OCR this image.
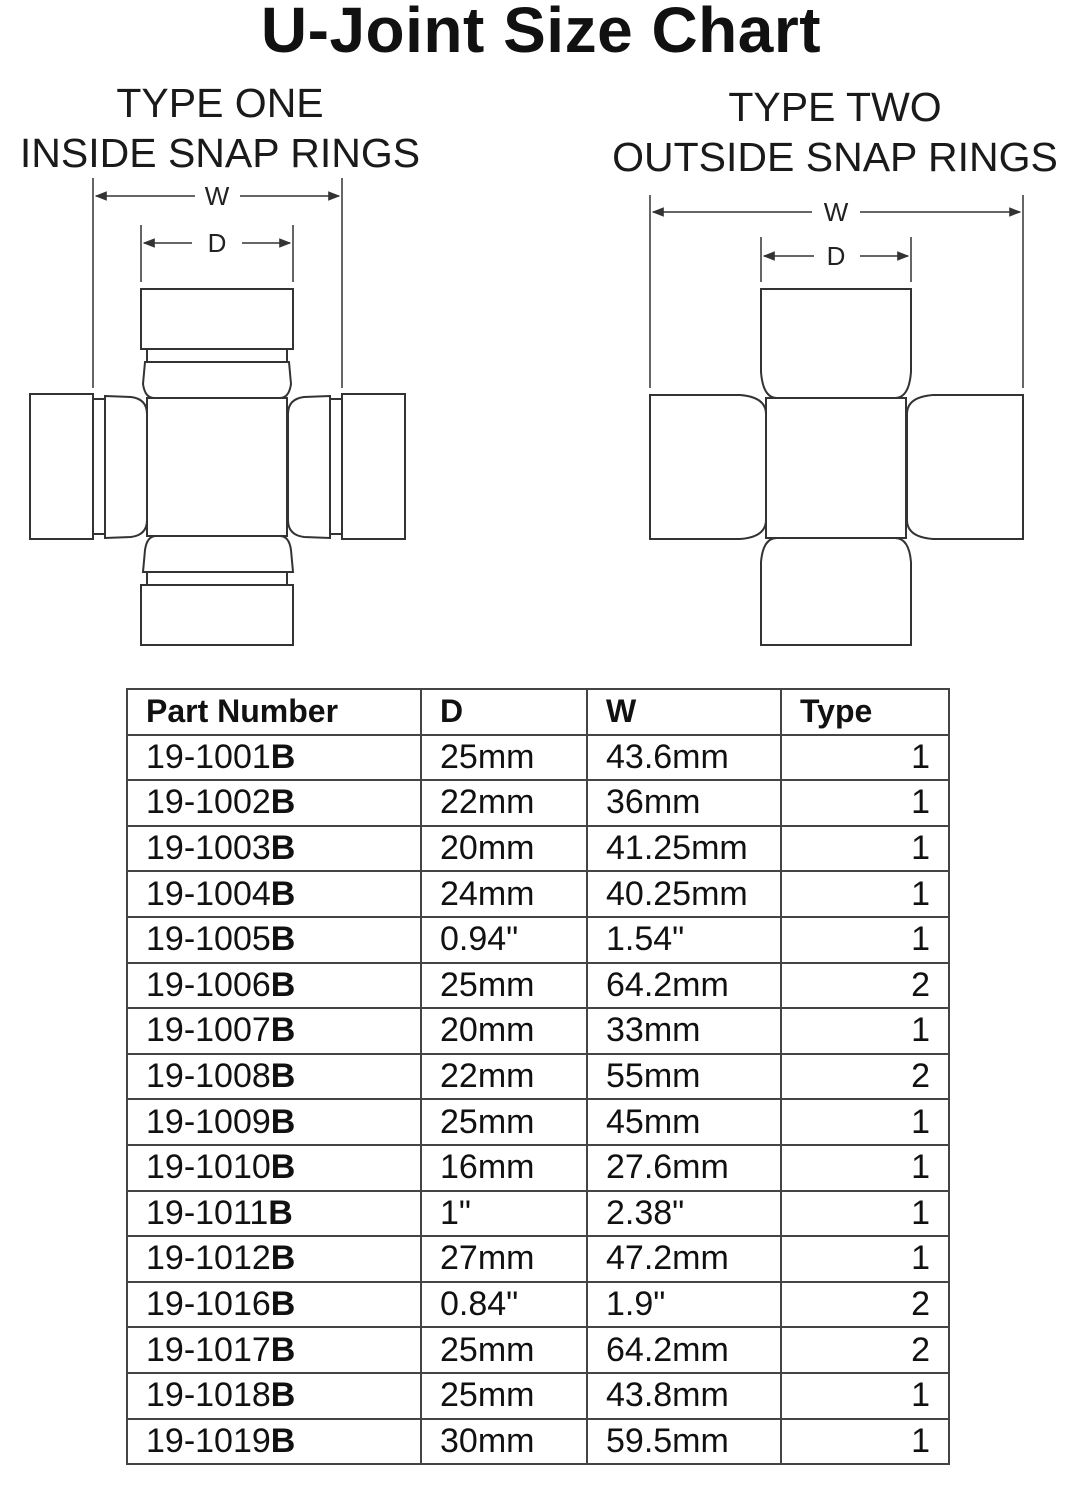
U-Joint Size Chart
TYPE ONE
INSIDE SNAP RINGS
TYPE TWO
OUTSIDE SNAP RINGS
W
D
W
D
Part Number	D	W	Type
19-1001B	25mm	43.6mm	1
19-1002B	22mm	36mm	1
19-1003B	20mm	41.25mm	1
19-1004B	24mm	40.25mm	1
19-1005B	0.94"	1.54"	1
19-1006B	25mm	64.2mm	2
19-1007B	20mm	33mm	1
19-1008B	22mm	55mm	2
19-1009B	25mm	45mm	1
19-1010B	16mm	27.6mm	1
19-1011B	1"	2.38"	1
19-1012B	27mm	47.2mm	1
19-1016B	0.84"	1.9"	2
19-1017B	25mm	64.2mm	2
19-1018B	25mm	43.8mm	1
19-1019B	30mm	59.5mm	1
